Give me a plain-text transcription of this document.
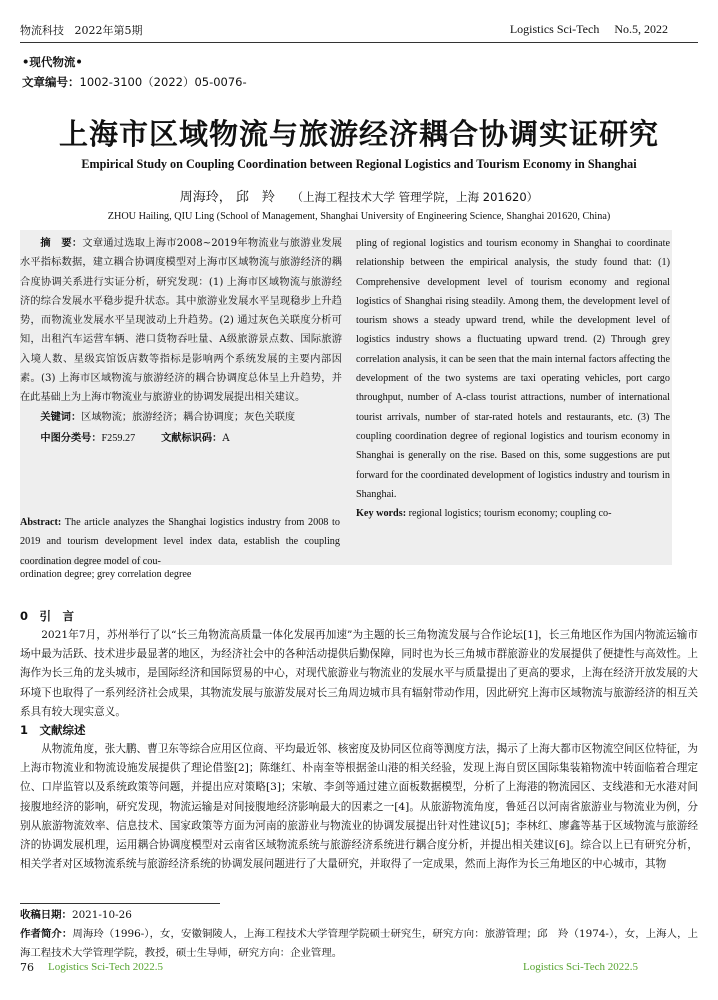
物流科技 2022年第5期	Logistics Sci-Tech No.5, 2022
•现代物流•
文章编号：1002-3100（2022）05-0076-
上海市区域物流与旅游经济耦合协调实证研究
Empirical Study on Coupling Coordination between Regional Logistics and Tourism Economy in Shanghai
周海玲， 邱　羚 （上海工程技术大学 管理学院，上海 201620）
ZHOU Hailing, QIU Ling (School of Management, Shanghai University of Engineering Science, Shanghai 201620, China)

摘　要：文章通过选取上海市2008~2019年物流业与旅游业发展水平指标数据，建立耦合协调度模型对上海市区域物流与旅游经济的耦合度协调关系进行实证分析，研究发现：(1) 上海市区域物流与旅游经济的综合发展水平稳步提升状态。其中旅游业发展水平呈现稳步上升趋势，而物流业发展水平呈现波动上升趋势。(2) 通过灰色关联度分析可知，出租汽车运营车辆、港口货物吞吐量、A级旅游景点数、国际旅游入境人数、星级宾馆饭店数等指标是影响两个系统发展的主要内部因素。(3) 上海市区域物流与旅游经济的耦合协调度总体呈上升趋势，并在此基础上为上海市物流业与旅游业的协调发展提出相关建议。

关键词：区域物流；旅游经济；耦合协调度；灰色关联度

中图分类号：F259.27	文献标识码：A

Abstract: The article analyzes the Shanghai logistics industry from 2008 to 2019 and tourism development level index data, establish the coupling coordination degree model of cou-
ordination degree; grey correlation degree

pling of regional logistics and tourism economy in Shanghai to coordinate relationship between the empirical analysis, the study found that: (1) Comprehensive development level of tourism economy and regional logistics of Shanghai rising steadily. Among them, the development level of tourism shows a steady upward trend, while the development level of logistics industry shows a fluctuating upward trend. (2) Through grey correlation analysis, it can be seen that the main internal factors affecting the development of the two systems are taxi operating vehicles, port cargo throughput, number of A-class tourist attractions, number of international tourist arrivals, number of star-rated hotels and restaurants, etc. (3) The coupling coordination degree of regional logistics and tourism economy in Shanghai is generally on the rise. Based on this, some suggestions are put forward for the coordinated development of logistics industry and tourism in Shanghai.

Key words: regional logistics; tourism economy; coupling co-

0　引　言

2021年7月，苏州举行了以“长三角物流高质量一体化发展再加速”为主题的长三角物流发展与合作论坛[1]，长三角地区作为国内物流运输市场中最为活跃、技术进步最显著的地区，为经济社会中的各种活动提供后勤保障，同时也为长三角城市群旅游业的发展提供了便捷性与高效性。上海作为长三角的龙头城市，是国际经济和国际贸易的中心，对现代旅游业与物流业的发展水平与质量提出了更高的要求，上海在经济开放发展的大环境下也取得了一系列经济社会成果，其物流发展与旅游发展对长三角周边城市具有辐射带动作用，因此研究上海市区域物流与旅游经济的相互关系具有较大现实意义。

1　文献综述

从物流角度，张大鹏、曹卫东等综合应用区位商、平均最近邻、核密度及协同区位商等测度方法，揭示了上海大都市区物流空间区位特征，为上海市物流业和物流设施发展提供了理论借鉴[2]；陈继红、朴南奎等根据釜山港的相关经验，发现上海自贸区国际集装箱物流中转面临着合理定位、口岸监管以及系统政策等问题，并提出应对策略[3]；宋敏、李剑等通过建立面板数据模型，分析了上海港的物流园区、支线港和无水港对间接腹地经济的影响，研究发现，物流运输是对间接腹地经济影响最大的因素之一[4]。从旅游物流角度，鲁延召以河南省旅游业与物流业为例，分别从旅游物流效率、信息技术、国家政策等方面为河南的旅游业与物流业的协调发展提出针对性建议[5]；李林红、廖鑫等基于区域物流与旅游经济的协调发展机理，运用耦合协调度模型对云南省区域物流系统与旅游经济系统进行耦合度分析，并提出相关建议[6]。综合以上已有研究分析，相关学者对区域物流系统与旅游经济系统的协调发展问题进行了大量研究，并取得了一定成果，然而上海作为长三角地区的中心城市，其物

收稿日期：2021-10-26
作者简介：周海玲（1996-），女，安徽铜陵人，上海工程技术大学管理学院硕士研究生，研究方向：旅游管理；邱　羚（1974-），女，上海人，上海工程技术大学管理学院，教授，硕士生导师，研究方向：企业管理。
76 Logistics Sci-Tech 2022.5	Logistics Sci-Tech 2022.5
